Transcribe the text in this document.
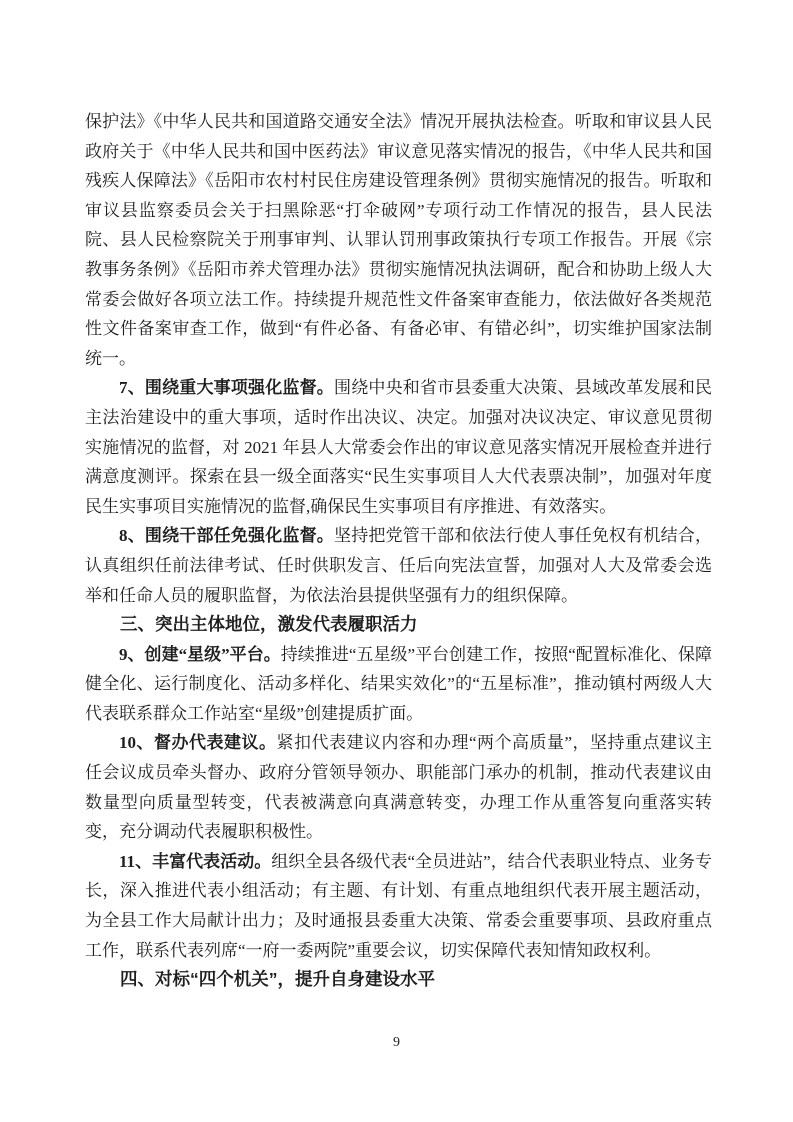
保护法》《中华人民共和国道路交通安全法》情况开展执法检查。听取和审议县人民政府关于《中华人民共和国中医药法》审议意见落实情况的报告，《中华人民共和国残疾人保障法》《岳阳市农村村民住房建设管理条例》贯彻实施情况的报告。听取和审议县监察委员会关于扫黑除恶“打伞破网”专项行动工作情况的报告，县人民法院、县人民检察院关于刑事审判、认罪认罚刑事政策执行专项工作报告。开展《宗教事务条例》《岳阳市养犬管理办法》贯彻实施情况执法调研，配合和协助上级人大常委会做好各项立法工作。持续提升规范性文件备案审查能力，依法做好各类规范性文件备案审查工作，做到“有件必备、有备必审、有错必纠”，切实维护国家法制统一。

7、围绕重大事项强化监督。围绕中央和省市县委重大决策、县域改革发展和民主法治建设中的重大事项，适时作出决议、决定。加强对决议决定、审议意见贯彻实施情况的监督，对 2021 年县人大常委会作出的审议意见落实情况开展检查并进行满意度测评。探索在县一级全面落实“民生实事项目人大代表票决制”，加强对年度民生实事项目实施情况的监督,确保民生实事项目有序推进、有效落实。

8、围绕干部任免强化监督。坚持把党管干部和依法行使人事任免权有机结合，认真组织任前法律考试、任时供职发言、任后向宪法宣誓，加强对人大及常委会选举和任命人员的履职监督，为依法治县提供坚强有力的组织保障。

三、突出主体地位，激发代表履职活力

9、创建“星级”平台。持续推进“五星级”平台创建工作，按照“配置标准化、保障健全化、运行制度化、活动多样化、结果实效化”的“五星标准”，推动镇村两级人大代表联系群众工作站室“星级”创建提质扩面。

10、督办代表建议。紧扣代表建议内容和办理“两个高质量”，坚持重点建议主任会议成员牵头督办、政府分管领导领办、职能部门承办的机制，推动代表建议由数量型向质量型转变，代表被满意向真满意转变，办理工作从重答复向重落实转变，充分调动代表履职积极性。

11、丰富代表活动。组织全县各级代表“全员进站”，结合代表职业特点、业务专长，深入推进代表小组活动；有主题、有计划、有重点地组织代表开展主题活动，为全县工作大局献计出力；及时通报县委重大决策、常委会重要事项、县政府重点工作，联系代表列席“一府一委两院”重要会议，切实保障代表知情知政权利。

四、对标“四个机关”，提升自身建设水平
9
